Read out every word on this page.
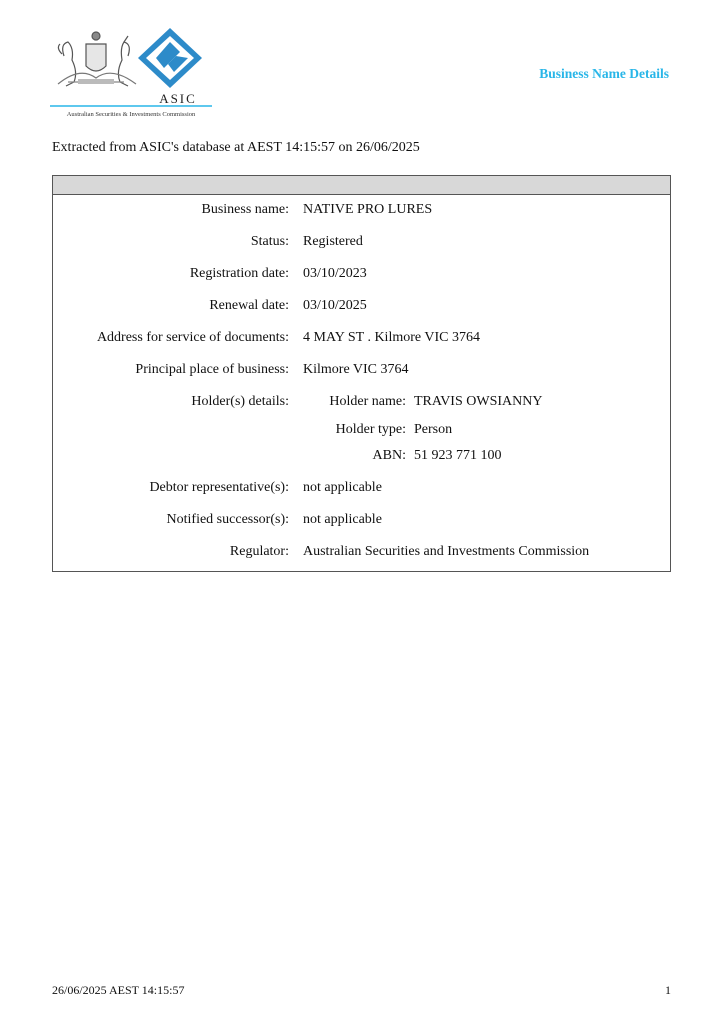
ASIC
Australian Securities & Investments Commission
Business Name Details
Extracted from ASIC's database at AEST 14:15:57 on 26/06/2025
Business name: NATIVE PRO LURES
Status: Registered
Registration date: 03/10/2023
Renewal date: 03/10/2025
Address for service of documents: 4 MAY ST . Kilmore VIC 3764
Principal place of business: Kilmore VIC 3764
Holder(s) details:	Holder name: TRAVIS OWSIANNY
Holder type: Person
ABN: 51 923 771 100
Debtor representative(s): not applicable
Notified successor(s): not applicable
Regulator: Australian Securities and Investments Commission
26/06/2025 AEST 14:15:57	1
